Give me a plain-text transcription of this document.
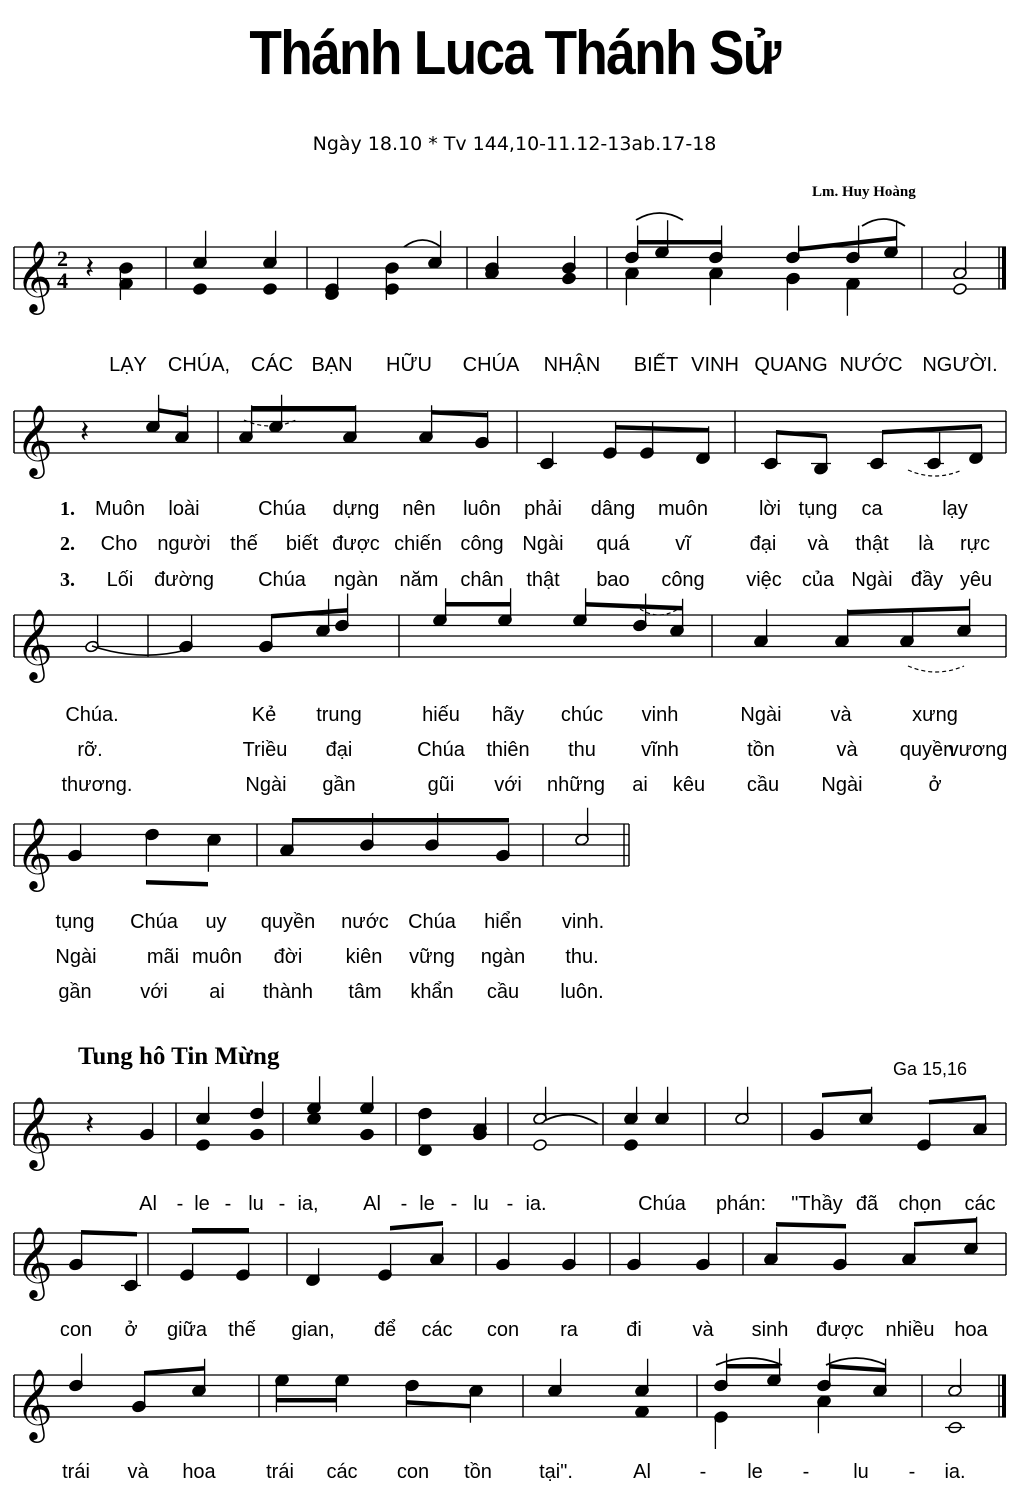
Thánh Luca Thánh Sử
Ngày 18.10 * Tv 144,10-11.12-13ab.17-18
Lm. Huy Hoàng
Tung hô Tin Mừng	Ga 15,16
𝄞 2
4
𝄞
𝄞
𝄞
𝄞
𝄞
𝄞
𝄽
𝄽
𝄽
LẠY CHÚA, CÁC BẠN HỮU CHÚA NHẬN BIẾT VINH QUANG NƯỚC NGƯỜI.
1. Muôn loài	Chúa dựng nên luôn phải dâng muôn	lời tụng ca	lạy
2. Cho người thế biết được chiến công Ngài quá vĩ	đại và thật là rực
3. Lối đường Chúa ngàn năm chân thật bao công việc của Ngài đầy yêu
Chúa.	Kẻ trung	hiếu hãy chúc vinh	Ngài và	xưng
rỡ.	Triều đại	Chúa thiên thu vĩnh	tồn	và quyền
vương
thương.	Ngài gần	gũi với những ai kêu cầu Ngài	ở
tụng Chúa uy quyền nước Chúa hiển vinh.
Ngài	mãi muôn đời kiên vững ngàn thu.
gần với ai thành tâm khẩn cầu luôn.
Al - le - lu - ia, Al - le - lu - ia.	Chúa phán: "Thầy đã chọn các
con ở giữa thế gian, để các con ra đi	và sinh được nhiều hoa
trái và hoa	trái các con tồn tại".	Al - le - lu - ia.
